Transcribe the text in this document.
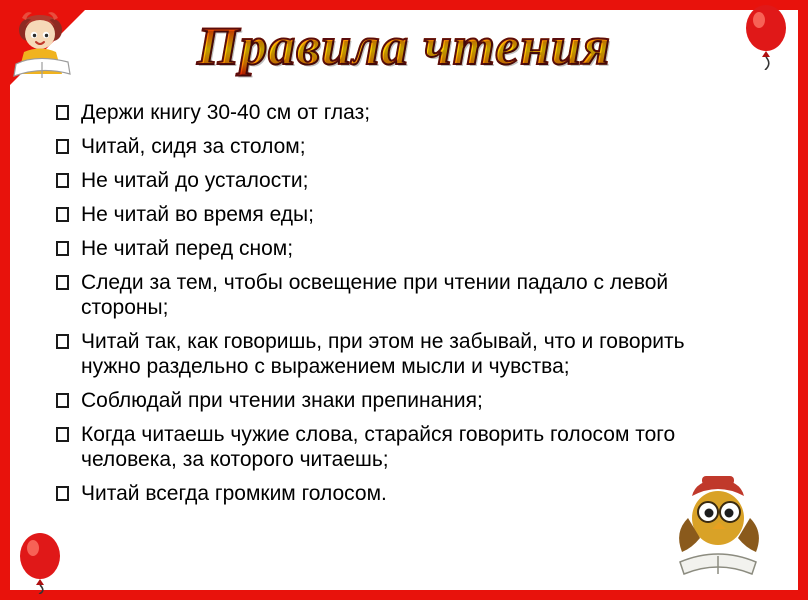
Правила чтения
Держи книгу 30-40 см от глаз;
Читай, сидя за столом;
Не читай до усталости;
Не читай во время еды;
Не читай перед сном;
Следи за тем, чтобы освещение при чтении падало с левой стороны;
Читай так, как говоришь, при этом не забывай, что и говорить нужно раздельно с выражением мысли и чувства;
Соблюдай при чтении знаки препинания;
Когда читаешь чужие слова, старайся говорить голосом того человека, за которого читаешь;
Читай всегда громким голосом.
